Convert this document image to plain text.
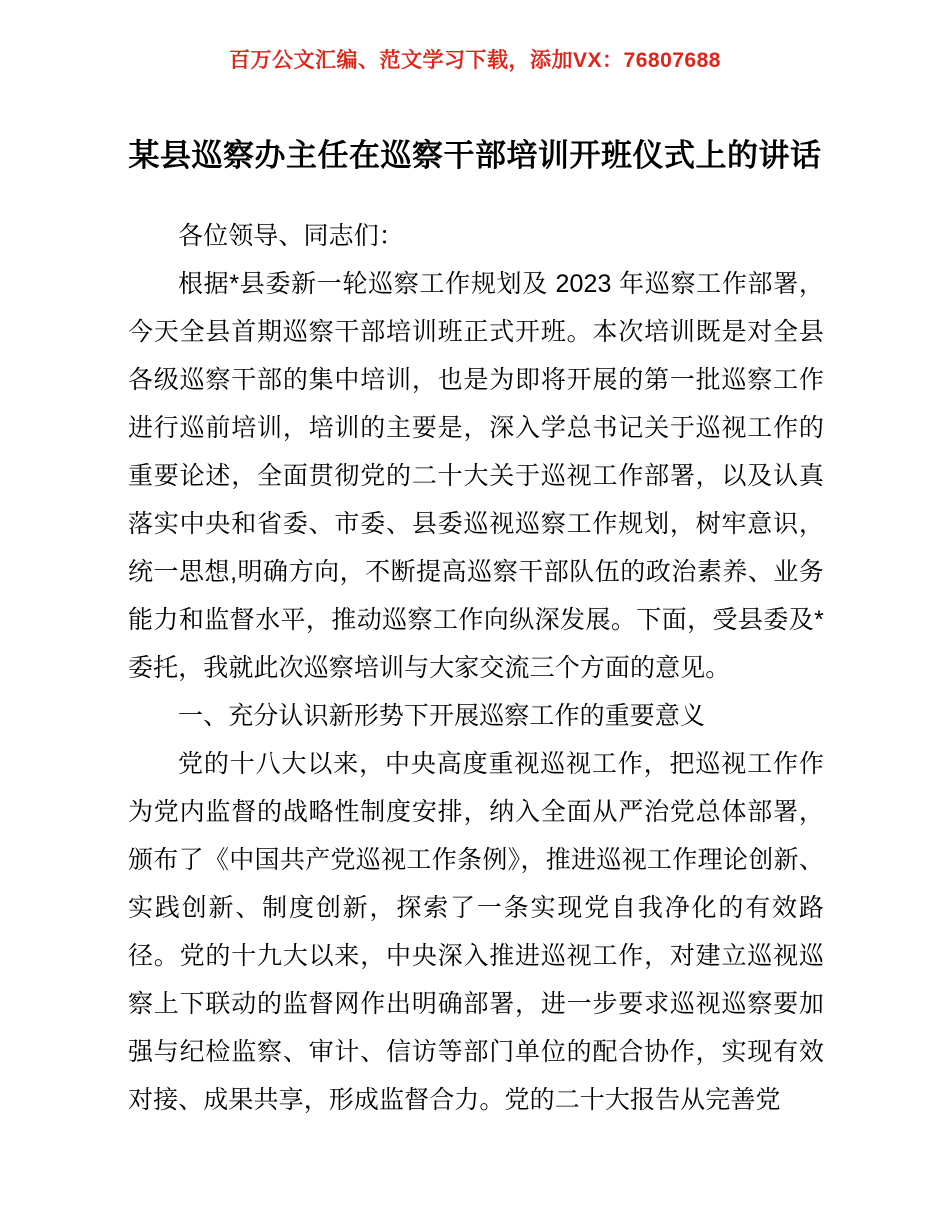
百万公文汇编、范文学习下载，添加VX：76807688
某县巡察办主任在巡察干部培训开班仪式上的讲话

各位领导、同志们：

根据*县委新一轮巡察工作规划及 2023 年巡察工作部署，今天全县首期巡察干部培训班正式开班。本次培训既是对全县各级巡察干部的集中培训，也是为即将开展的第一批巡察工作进行巡前培训，培训的主要是，深入学总书记关于巡视工作的重要论述，全面贯彻党的二十大关于巡视工作部署，以及认真落实中央和省委、市委、县委巡视巡察工作规划，树牢意识，统一思想,明确方向，不断提高巡察干部队伍的政治素养、业务能力和监督水平，推动巡察工作向纵深发展。下面，受县委及*委托，我就此次巡察培训与大家交流三个方面的意见。

一、充分认识新形势下开展巡察工作的重要意义

党的十八大以来，中央高度重视巡视工作，把巡视工作作为党内监督的战略性制度安排，纳入全面从严治党总体部署，颁布了《中国共产党巡视工作条例》，推进巡视工作理论创新、实践创新、制度创新，探索了一条实现党自我净化的有效路径。党的十九大以来，中央深入推进巡视工作，对建立巡视巡察上下联动的监督网作出明确部署，进一步要求巡视巡察要加强与纪检监察、审计、信访等部门单位的配合协作，实现有效对接、成果共享，形成监督合力。党的二十大报告从完善党
